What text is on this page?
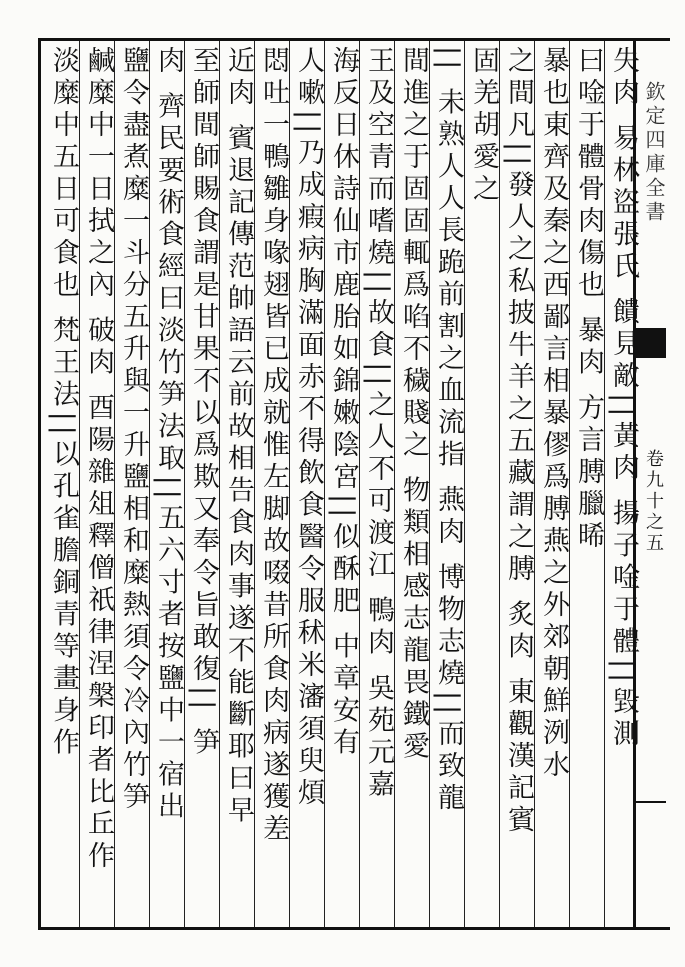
欽定四庫全書
卷九十之五
失肉 易林盜張氏 饋見敵||黃肉 揚子唫于體||毀測
曰唫于體骨肉傷也 暴肉 方言膊臘晞
暴也東齊及秦之西鄙言相暴僇爲膊燕之外郊朝鮮洌水
之間凡||發人之私披牛羊之五藏謂之膊 炙肉 東觀漢記賓
固羌胡愛之
|| 未熟人人長跪前割之血流指 燕肉 博物志燒||而致龍
間進之于固固輒爲啗不穢賤之 物類相感志龍畏鐵愛
王及空青而嗜燒||故食||之人不可渡江 鴨肉 吳苑元嘉
海反日休詩仙市鹿胎如錦嫩陰宮||似酥肥 中章安有
人嗽||乃成瘕病胸滿面赤不得飲食醫令服秫米瀋須臾煩
悶吐一鴨雛身喙翅皆已成就惟左脚故啜昔所食肉病遂獲差
近肉 賓退記傳范帥語云前故相告食肉事遂不能斷耶曰早
至師間師賜食謂是甘果不以爲欺又奉令旨敢復|| 笋
肉 齊民要術食經曰淡竹笋法取||五六寸者按鹽中一宿出
鹽令盡煮糜一斗分五升與一升鹽相和糜熱須令冷內竹笋
鹹糜中一日拭之內 破肉 酉陽雜俎釋僧祇律涅槃印者比丘作
淡糜中五日可食也 梵王法||以孔雀膽銅青等畫身作
